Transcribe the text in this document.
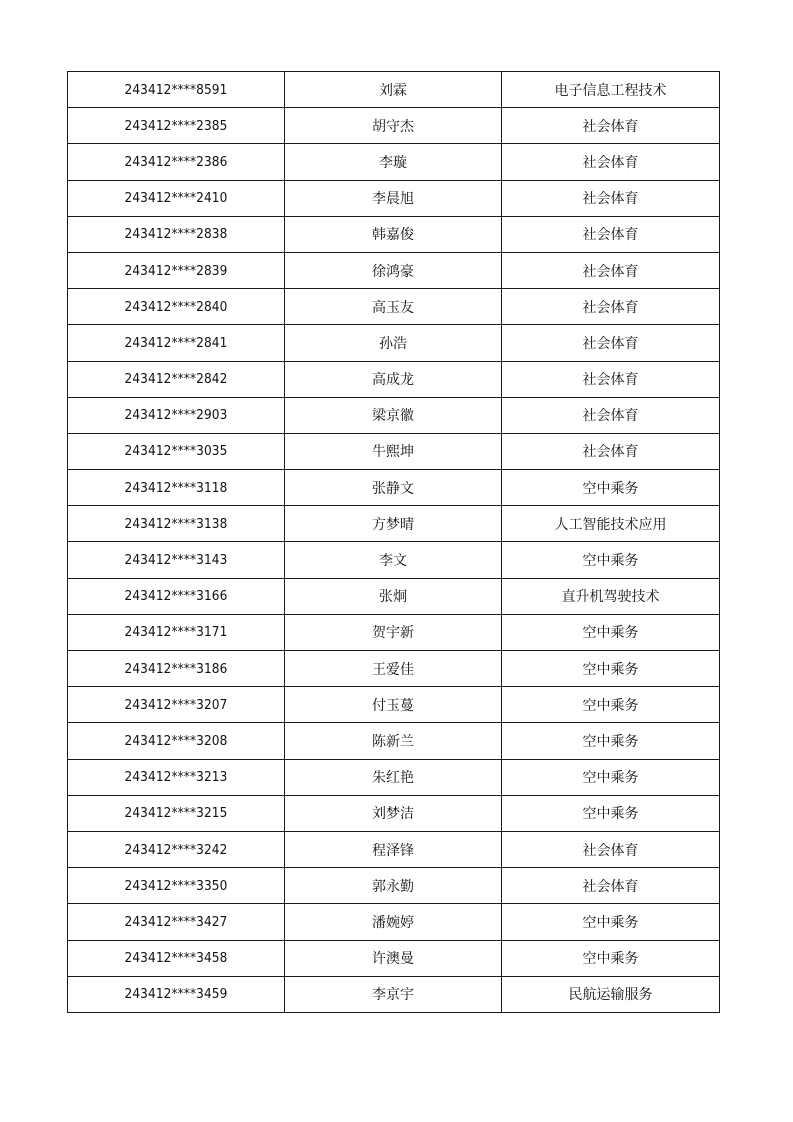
243412****8591	刘霖	电子信息工程技术
243412****2385	胡守杰	社会体育
243412****2386	李璇	社会体育
243412****2410	李晨旭	社会体育
243412****2838	韩嘉俊	社会体育
243412****2839	徐鸿豪	社会体育
243412****2840	高玉友	社会体育
243412****2841	孙浩	社会体育
243412****2842	高成龙	社会体育
243412****2903	梁京徽	社会体育
243412****3035	牛熙坤	社会体育
243412****3118	张静文	空中乘务
243412****3138	方梦晴	人工智能技术应用
243412****3143	李文	空中乘务
243412****3166	张炯	直升机驾驶技术
243412****3171	贺宇新	空中乘务
243412****3186	王爱佳	空中乘务
243412****3207	付玉蔓	空中乘务
243412****3208	陈新兰	空中乘务
243412****3213	朱红艳	空中乘务
243412****3215	刘梦洁	空中乘务
243412****3242	程泽锋	社会体育
243412****3350	郭永勤	社会体育
243412****3427	潘婉婷	空中乘务
243412****3458	许澳曼	空中乘务
243412****3459	李京宇	民航运输服务
